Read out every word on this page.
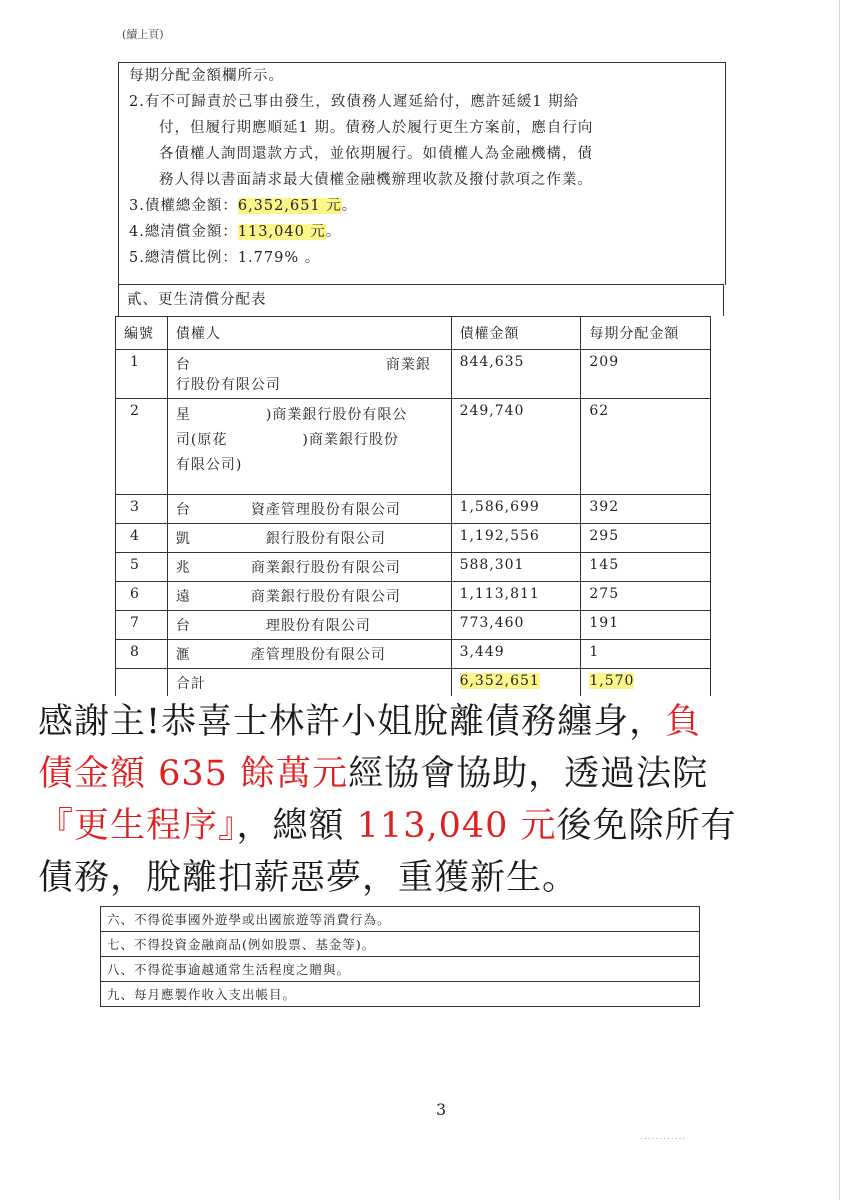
(續上頁)

每期分配金額欄所示。

2.有不可歸責於己事由發生，致債務人遲延給付，應許延緩1 期給

付，但履行期應順延1 期。債務人於履行更生方案前，應自行向

各債權人詢問還款方式，並依期履行。如債權人為金融機構，債

務人得以書面請求最大債權金融機辦理收款及撥付款項之作業。

3.債權總金額：6,352,651 元。

4.總清償金額：113,040 元。

5.總清償比例：1.779% 。

貳、更生清償分配表
編號	債權人	債權金額	每期分配金額
1	台　　　　　　　　　　　　　商業銀行股份有限公司	844,635	209
2	星　　　　　)商業銀行股份有限公
司(原花　　　　　)商業銀行股份
有限公司)	249,740	62
3	台　　　　資產管理股份有限公司	1,586,699	392
4	凱　　　　　銀行股份有限公司	1,192,556	295
5	兆　　　　商業銀行股份有限公司	588,301	145
6	遠　　　　商業銀行股份有限公司	1,113,811	275
7	台　　　　　理股份有限公司	773,460	191
8	滙　　　　產管理股份有限公司	3,449	1
	合計	6,352,651	1,570

感謝主!恭喜士林許小姐脫離債務纏身，負

債金額 635 餘萬元經協會協助，透過法院

『更生程序』，總額 113,040 元後免除所有

債務，脫離扣薪惡夢，重獲新生。

六、不得從事國外遊學或出國旅遊等消費行為。
七、不得投資金融商品(例如股票、基金等)。
八、不得從事逾越通常生活程度之贈與。
九、每月應製作收入支出帳目。
3
............
